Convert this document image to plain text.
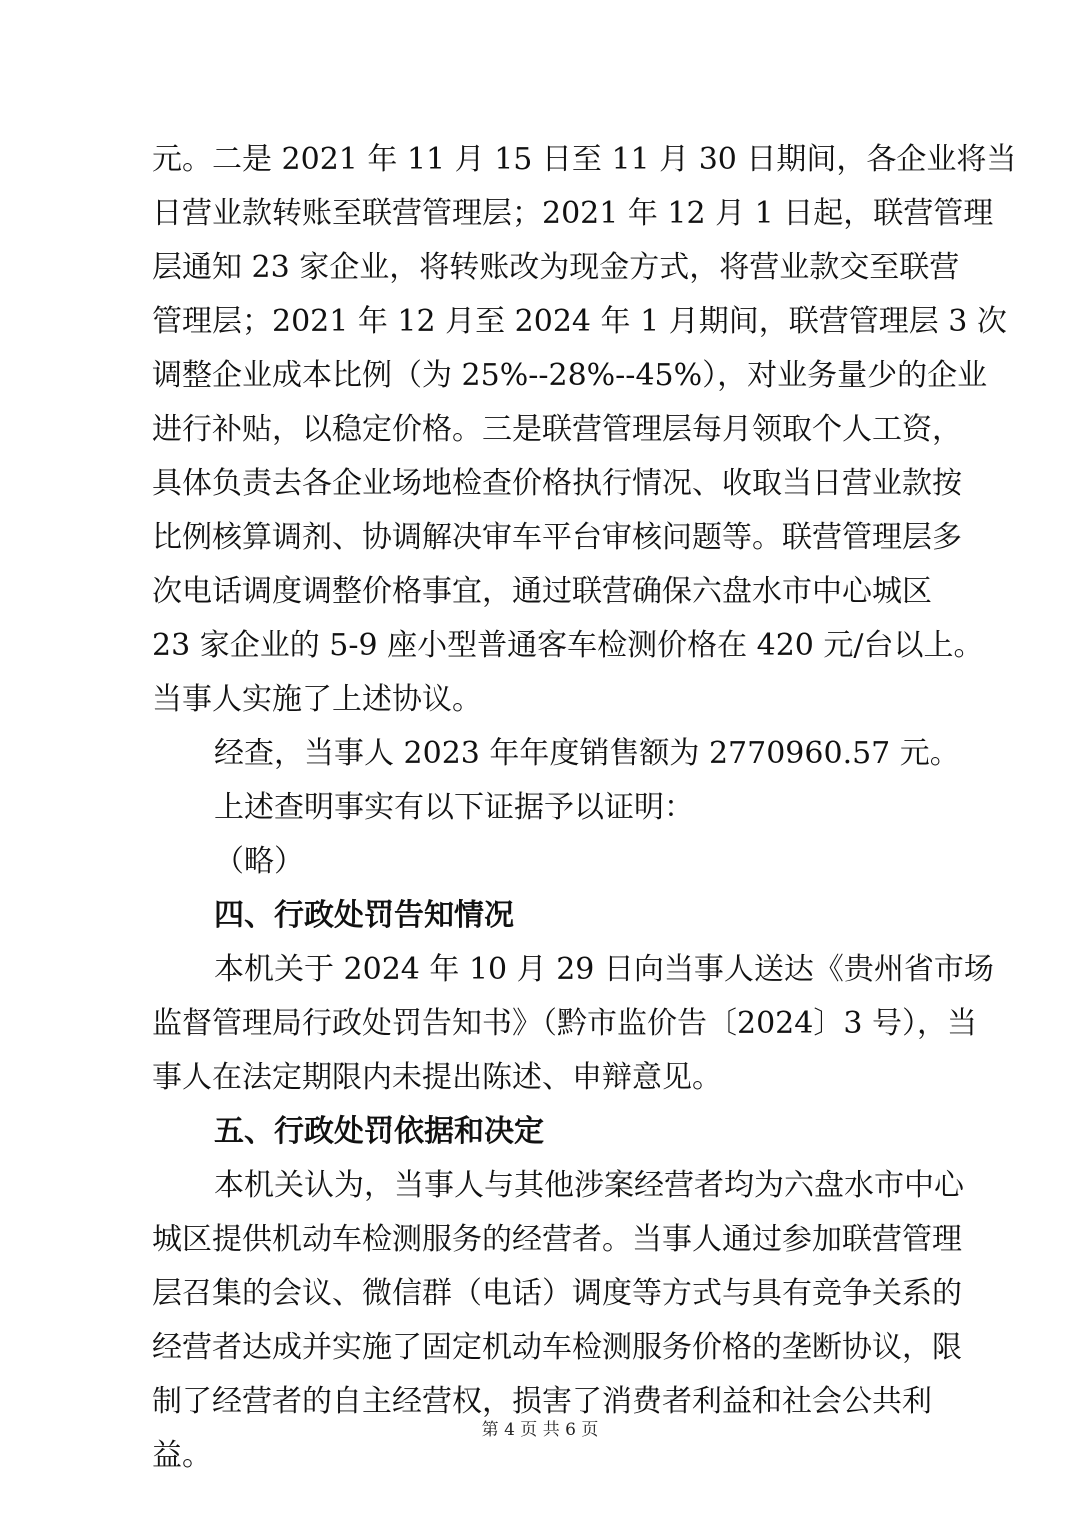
元。二是 2021 年 11 月 15 日至 11 月 30 日期间，各企业将当
日营业款转账至联营管理层；2021 年 12 月 1 日起，联营管理
层通知 23 家企业，将转账改为现金方式，将营业款交至联营
管理层；2021 年 12 月至 2024 年 1 月期间，联营管理层 3 次
调整企业成本比例（为 25%--28%--45%），对业务量少的企业
进行补贴，以稳定价格。三是联营管理层每月领取个人工资，
具体负责去各企业场地检查价格执行情况、收取当日营业款按
比例核算调剂、协调解决审车平台审核问题等。联营管理层多
次电话调度调整价格事宜，通过联营确保六盘水市中心城区
23 家企业的 5-9 座小型普通客车检测价格在 420 元/台以上。
当事人实施了上述协议。
经查，当事人 2023 年年度销售额为 2770960.57 元。
上述查明事实有以下证据予以证明：
（略）
四、行政处罚告知情况
本机关于 2024 年 10 月 29 日向当事人送达《贵州省市场
监督管理局行政处罚告知书》（黔市监价告〔2024〕3 号），当
事人在法定期限内未提出陈述、申辩意见。
五、行政处罚依据和决定
本机关认为，当事人与其他涉案经营者均为六盘水市中心
城区提供机动车检测服务的经营者。当事人通过参加联营管理
层召集的会议、微信群（电话）调度等方式与具有竞争关系的
经营者达成并实施了固定机动车检测服务价格的垄断协议，限
制了经营者的自主经营权，损害了消费者利益和社会公共利
益。
第 4 页 共 6 页
